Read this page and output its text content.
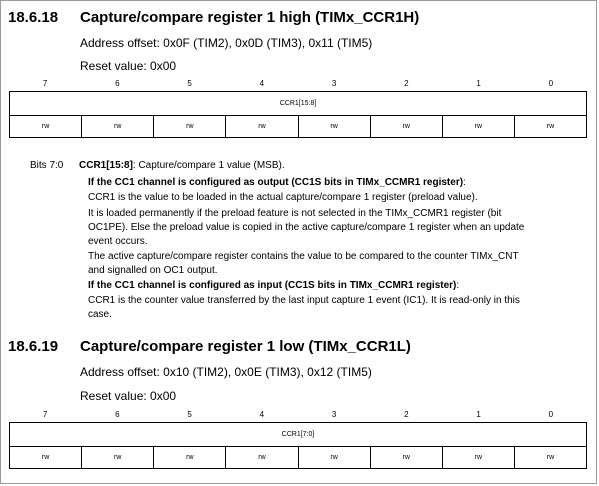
18.6.18 Capture/compare register 1 high (TIMx_CCR1H)
Address offset: 0x0F (TIM2), 0x0D (TIM3), 0x11 (TIM5)
Reset value: 0x00
7	6	5	4	3	2	1	0
CCR1[15:8]
rw	rw	rw	rw	rw	rw	rw	rw
Bits 7:0 CCR1[15:8]: Capture/compare 1 value (MSB).
If the CC1 channel is configured as output (CC1S bits in TIMx_CCMR1 register):
CCR1 is the value to be loaded in the actual capture/compare 1 register (preload value).
It is loaded permanently if the preload feature is not selected in the TIMx_CCMR1 register (bit
OC1PE). Else the preload value is copied in the active capture/compare 1 register when an update
event occurs.
The active capture/compare register contains the value to be compared to the counter TIMx_CNT
and signalled on OC1 output.
If the CC1 channel is configured as input (CC1S bits in TIMx_CCMR1 register):
CCR1 is the counter value transferred by the last input capture 1 event (IC1). It is read-only in this
case.
18.6.19 Capture/compare register 1 low (TIMx_CCR1L)
Address offset: 0x10 (TIM2), 0x0E (TIM3), 0x12 (TIM5)
Reset value: 0x00
7	6	5	4	3	2	1	0
CCR1[7:0]
rw	rw	rw	rw	rw	rw	rw	rw
